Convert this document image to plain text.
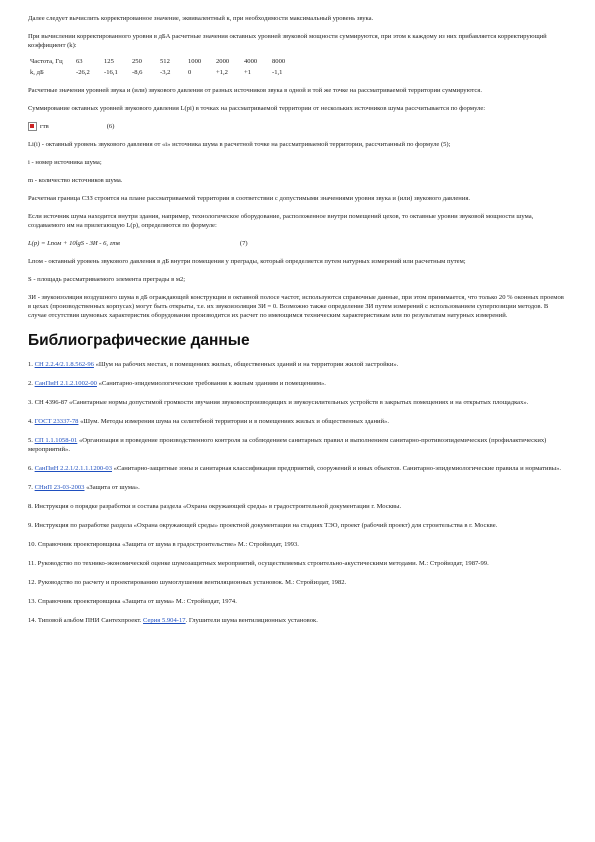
Далее следует вычислить корректированное значение, эквивалентный к, при необходимости максимальный уровень звука.

При вычислении корректированного уровня в дБА расчетные значения октавных уровней звуковой мощности суммируются, при этом к каждому из них прибавляется корректирующий коэффициент (k):

Частота, Гц	63	125	250	512	1000	2000	4000	8000
k, дБ	-26,2	-16,1	-8,6	-3,2	0	+1,2	+1	-1,1

Расчетные значения уровней звука и (или) звукового давления от разных источников звука в одной и той же точке на рассматриваемой территории суммируются.

Суммирование октавных уровней звукового давления L(pi) в точках на рассматриваемой территории от нескольких источников шума рассчитывается по формуле:

гтв	(6)

Li(i) - октавный уровень звукового давления от «i» источника шума в расчетной точке на рассматриваемой территории, рассчитанный по формуле (5);

i - номер источника шума;

m - количество источников шума.

Расчетная граница СЗЗ строится на плане рассматриваемой территории в соответствии с допустимыми значениями уровня звука и (или) звукового давления.

Если источник шума находится внутри здания, например, технологическое оборудование, расположенное внутри помещений цехов, то октавные уровни звуковой мощности шума, создаваемого им на прилегающую L(p), определяются по формуле:

L(p) = Lпом + 10lgS - ЗИ - 6, гтв	(7)

Lпом - октавный уровень звукового давления в дБ внутри помещения у преграды, который определяется путем натурных измерений или расчетным путем;

S - площадь рассматриваемого элемента преграды в м2;

ЗИ - звукоизоляция воздушного шума в дБ ограждающей конструкции в октавной полосе частот, используются справочные данные, при этом принимается, что только 20 % оконных проемов в цехах (производственных корпусах) могут быть открыты, т.е. их звукоизоляция ЗИ = 0. Возможно также определение ЗИ путем измерений с использованием суперпозиции методов. В случае отсутствия шумовых характеристик оборудования производится их расчет по имеющимся техническим характеристикам или по результатам натурных измерений.

Библиографические данные

1. СН 2.2.4/2.1.8.562-96 «Шум на рабочих местах, в помещениях жилых, общественных зданий и на территории жилой застройки».

2. СанПиН 2.1.2.1002-00 «Санитарно-эпидемиологические требования к жилым зданиям и помещениям».

3. СН 4396-87 «Санитарные нормы допустимой громкости звучания звуковоспроизводящих и звукоусилительных устройств в закрытых помещениях и на открытых площадках».

4. ГОСТ 23337-78 «Шум. Методы измерения шума на селитебной территории и в помещениях жилых и общественных зданий».

5. СП 1.1.1058-01 «Организация и проведение производственного контроля за соблюдением санитарных правил и выполнением санитарно-противоэпидемических (профилактических) мероприятий».

6. СанПиН 2.2.1/2.1.1.1200-03 «Санитарно-защитные зоны и санитарная классификация предприятий, сооружений и иных объектов. Санитарно-эпидемиологические правила и нормативы».

7. СНиП 23-03-2003 «Защита от шума».

8. Инструкция о порядке разработки и состава раздела «Охрана окружающей среды» в градостроительной документации г. Москвы.

9. Инструкция по разработке раздела «Охрана окружающей среды» проектной документации на стадиях ТЭО, проект (рабочий проект) для строительства в г. Москве.

10. Справочник проектировщика «Защита от шума в градостроительстве» М.: Стройиздат, 1993.

11. Руководство по технико-экономической оценке шумозащитных мероприятий, осуществляемых строительно-акустическими методами. М.: Стройиздат, 1987-99.

12. Руководство по расчету и проектированию шумоглушения вентиляционных установок. М.: Стройиздат, 1982.

13. Справочник проектировщика «Защита от шума» М.: Стройиздат, 1974.

14. Типовой альбом ПНИ Сантехпроект. Серия 5.904-17. Глушители шума вентиляционных установок.
